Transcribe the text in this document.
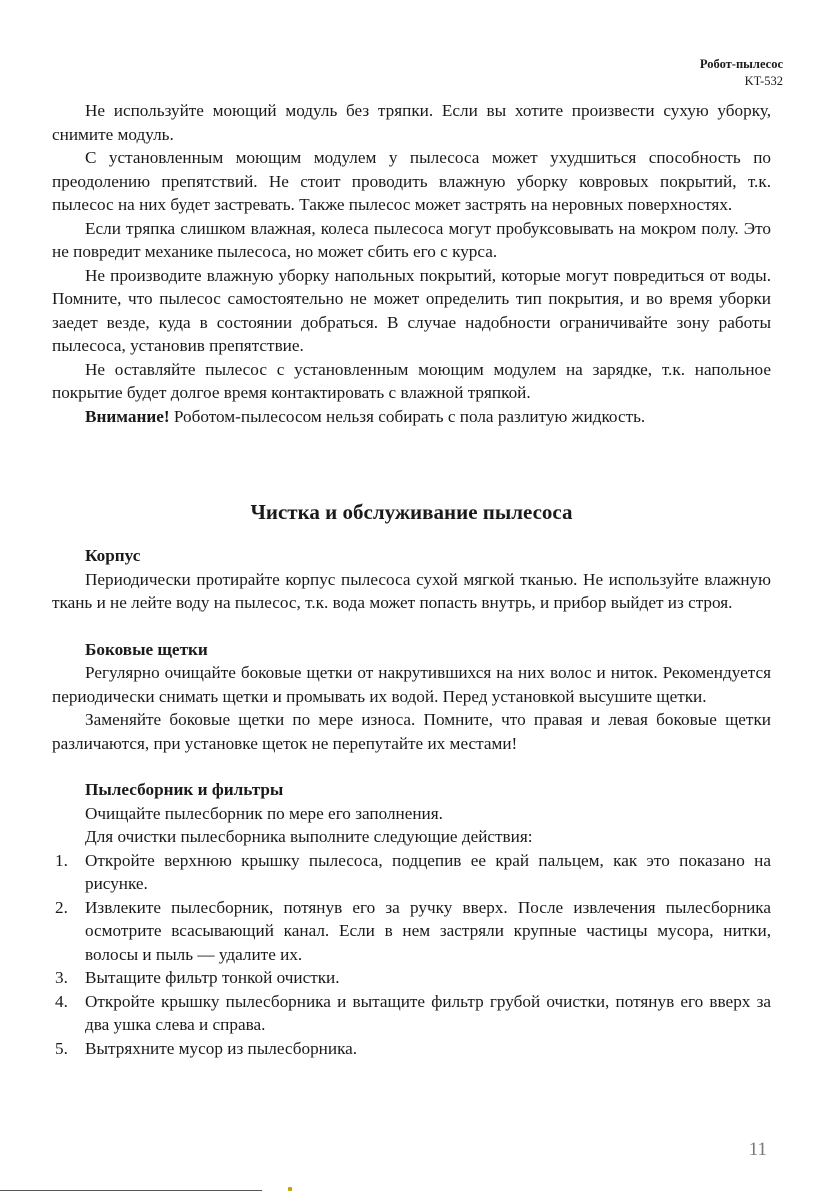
Робот-пылесос
KT-532

Не используйте моющий модуль без тряпки. Если вы хотите произвести сухую уборку, снимите модуль.

С установленным моющим модулем у пылесоса может ухудшиться способность по преодолению препятствий. Не стоит проводить влажную уборку ковровых покрытий, т.к. пылесос на них будет застревать. Также пылесос может застрять на неровных поверхностях.

Если тряпка слишком влажная, колеса пылесоса могут пробуксовывать на мокром полу. Это не повредит механике пылесоса, но может сбить его с курса.

Не производите влажную уборку напольных покрытий, которые могут повредиться от воды. Помните, что пылесос самостоятельно не может определить тип покрытия, и во время уборки заедет везде, куда в состоянии добраться. В случае надобности ограничивайте зону работы пылесоса, установив препятствие.

Не оставляйте пылесос с установленным моющим модулем на зарядке, т.к. напольное покрытие будет долгое время контактировать с влажной тряпкой.

Внимание! Роботом-пылесосом нельзя собирать с пола разлитую жидкость.

Чистка и обслуживание пылесоса
Корпус

Периодически протирайте корпус пылесоса сухой мягкой тканью. Не используйте влажную ткань и не лейте воду на пылесос, т.к. вода может попасть внутрь, и прибор выйдет из строя.

Боковые щетки

Регулярно очищайте боковые щетки от накрутившихся на них волос и ниток. Рекомендуется периодически снимать щетки и промывать их водой. Перед установкой высушите щетки.

Заменяйте боковые щетки по мере износа. Помните, что правая и левая боковые щетки различаются, при установке щеток не перепутайте их местами!

Пылесборник и фильтры

Очищайте пылесборник по мере его заполнения.

Для очистки пылесборника выполните следующие действия:

1. Откройте верхнюю крышку пылесоса, подцепив ее край пальцем, как это показано на рисунке.
2. Извлеките пылесборник, потянув его за ручку вверх. После извлечения пылесборника осмотрите всасывающий канал. Если в нем застряли крупные частицы мусора, нитки, волосы и пыль — удалите их.
3. Вытащите фильтр тонкой очистки.
4. Откройте крышку пылесборника и вытащите фильтр грубой очистки, потянув его вверх за два ушка слева и справа.
5. Вытряхните мусор из пылесборника.
11
